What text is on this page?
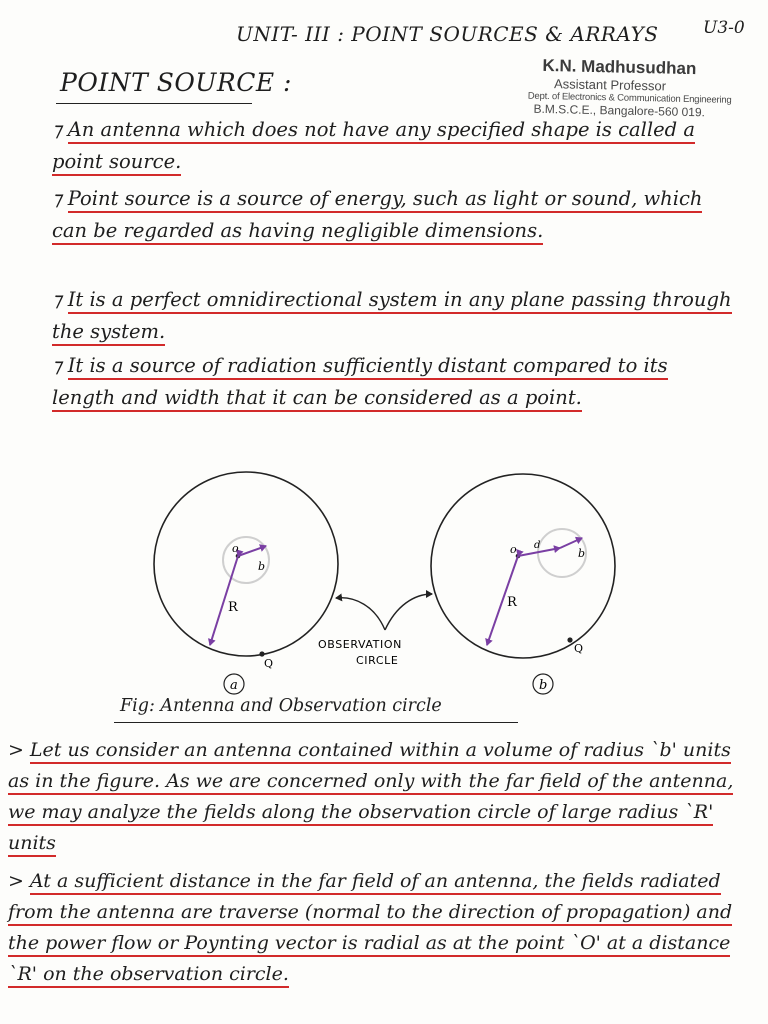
UNIT- III : POINT SOURCES & ARRAYS	U3-0
K.N. Madhusudhan
Assistant Professor
Dept. of Electronics & Communication Engineering
B.M.S.C.E., Bangalore-560 019.
POINT SOURCE :

⁊ An antenna which does not have any specified shape is called a point source.

⁊ Point source is a source of energy, such as light or sound, which can be regarded as having negligible dimensions.

⁊ It is a perfect omnidirectional system in any plane passing through the system.

⁊ It is a source of radiation sufficiently distant compared to its length and width that it can be considered as a point.

o
b
R
Q
a
o d
b
R
Q
b
OBSERVATION
CIRCLE
Fig: Antenna and Observation circle

> Let us consider an antenna contained within a volume of radius `b' units as in the figure. As we are concerned only with the far field of the antenna, we may analyze the fields along the observation circle of large radius `R' units

> At a sufficient distance in the far field of an antenna, the fields radiated from the antenna are traverse (normal to the direction of propagation) and the power flow or Poynting vector is radial as at the point `O' at a distance `R' on the observation circle.
